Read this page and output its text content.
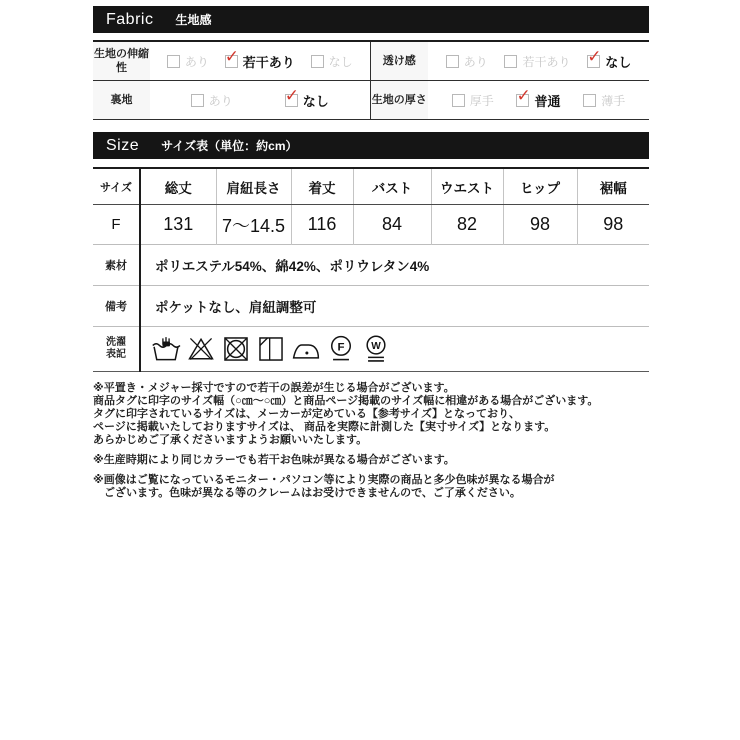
Fabric 生地感
生地の伸縮性	あり ✓ 若干あり なし	透け感	あり 若干あり ✓ なし

裏地	あり ✓ なし	生地の厚さ	厚手 ✓ 普通 薄手
Size サイズ表（単位：約cm）
サイズ	総丈	肩紐長さ	着丈	バスト	ウエスト	ヒップ	裾幅
F	131	7～14.5	116	84	82	98	98
素材	ポリエステル54%、綿42%、ポリウレタン4%						
備考	ポケットなし、肩紐調整可						
洗濯表記	F W						
※平置き・メジャー採寸ですので若干の誤差が生じる場合がございます。
商品タグに印字のサイズ幅（○㎝～○㎝）と商品ページ掲載のサイズ幅に相違がある場合がございます。
タグに印字されているサイズは、メーカーが定めている【参考サイズ】となっており、
ページに掲載いたしておりますサイズは、 商品を実際に計測した【実寸サイズ】となります。
あらかじめご了承くださいますようお願いいたします。
※生産時期により同じカラーでも若干お色味が異なる場合がございます。
※画像はご覧になっているモニター・パソコン等により実際の商品と多少色味が異なる場合が
　ございます。色味が異なる等のクレームはお受けできませんので、ご了承ください。
